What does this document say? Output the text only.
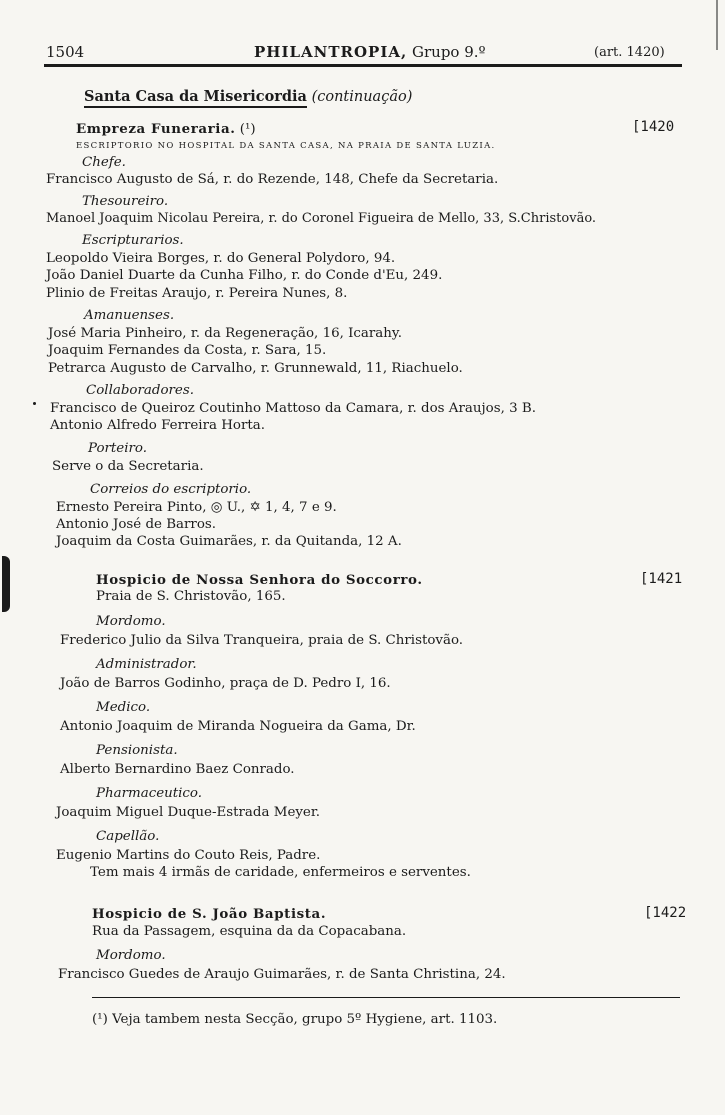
1504	PHILANTROPIA, Grupo 9.º	(art. 1420)
Santa Casa da Misericordia (continuação)
Empreza Funeraria. (¹)	[1420
ESCRIPTORIO NO HOSPITAL DA SANTA CASA, NA PRAIA DE SANTA LUZIA.
Chefe.
Francisco Augusto de Sá, r. do Rezende, 148, Chefe da Secretaria.
Thesoureiro.
Manoel Joaquim Nicolau Pereira, r. do Coronel Figueira de Mello, 33, S.Christovão.
Escripturarios.
Leopoldo Vieira Borges, r. do General Polydoro, 94.
João Daniel Duarte da Cunha Filho, r. do Conde d'Eu, 249.
Plinio de Freitas Araujo, r. Pereira Nunes, 8.
Amanuenses.
José Maria Pinheiro, r. da Regeneração, 16, Icarahy.
Joaquim Fernandes da Costa, r. Sara, 15.
Petrarca Augusto de Carvalho, r. Grunnewald, 11, Riachuelo.
Collaboradores.
Francisco de Queiroz Coutinho Mattoso da Camara, r. dos Araujos, 3 B.
Antonio Alfredo Ferreira Horta.
Porteiro.
Serve o da Secretaria.
Correios do escriptorio.
Ernesto Pereira Pinto, ◎ U., ✡ 1, 4, 7 e 9.
Antonio José de Barros.
Joaquim da Costa Guimarães, r. da Quitanda, 12 A.
Hospicio de Nossa Senhora do Soccorro.	[1421
Praia de S. Christovão, 165.
Mordomo.
Frederico Julio da Silva Tranqueira, praia de S. Christovão.
Administrador.
João de Barros Godinho, praça de D. Pedro I, 16.
Medico.
Antonio Joaquim de Miranda Nogueira da Gama, Dr.
Pensionista.
Alberto Bernardino Baez Conrado.
Pharmaceutico.
Joaquim Miguel Duque-Estrada Meyer.
Capellão.
Eugenio Martins do Couto Reis, Padre.
Tem mais 4 irmãs de caridade, enfermeiros e serventes.
Hospicio de S. João Baptista.	[1422
Rua da Passagem, esquina da da Copacabana.
Mordomo.
Francisco Guedes de Araujo Guimarães, r. de Santa Christina, 24.
(¹) Veja tambem nesta Secção, grupo 5º Hygiene, art. 1103.
